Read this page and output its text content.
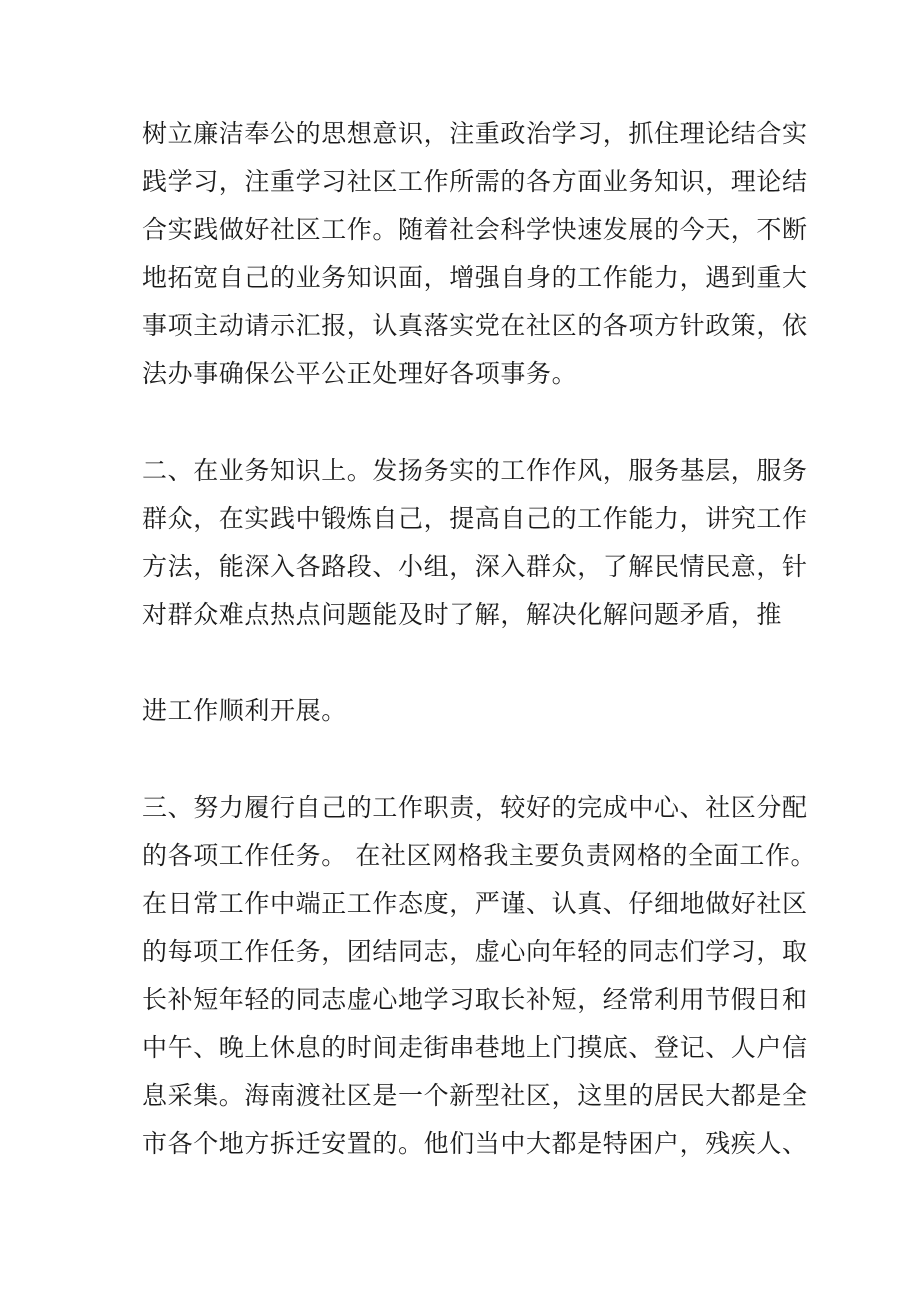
树立廉洁奉公的思想意识，注重政治学习，抓住理论结合实
践学习，注重学习社区工作所需的各方面业务知识，理论结
合实践做好社区工作。随着社会科学快速发展的今天，不断
地拓宽自己的业务知识面，增强自身的工作能力，遇到重大
事项主动请示汇报，认真落实党在社区的各项方针政策，依
法办事确保公平公正处理好各项事务。
二、在业务知识上。发扬务实的工作作风，服务基层，服务
群众，在实践中锻炼自己，提高自己的工作能力，讲究工作
方法，能深入各路段、小组，深入群众，了解民情民意，针
对群众难点热点问题能及时了解，解决化解问题矛盾，推
进工作顺利开展。
三、努力履行自己的工作职责，较好的完成中心、社区分配
的各项工作任务。 在社区网格我主要负责网格的全面工作。
在日常工作中端正工作态度，严谨、认真、仔细地做好社区
的每项工作任务，团结同志，虚心向年轻的同志们学习，取
长补短年轻的同志虚心地学习取长补短，经常利用节假日和
中午、晚上休息的时间走街串巷地上门摸底、登记、人户信
息采集。海南渡社区是一个新型社区，这里的居民大都是全
市各个地方拆迁安置的。他们当中大都是特困户，残疾人、
